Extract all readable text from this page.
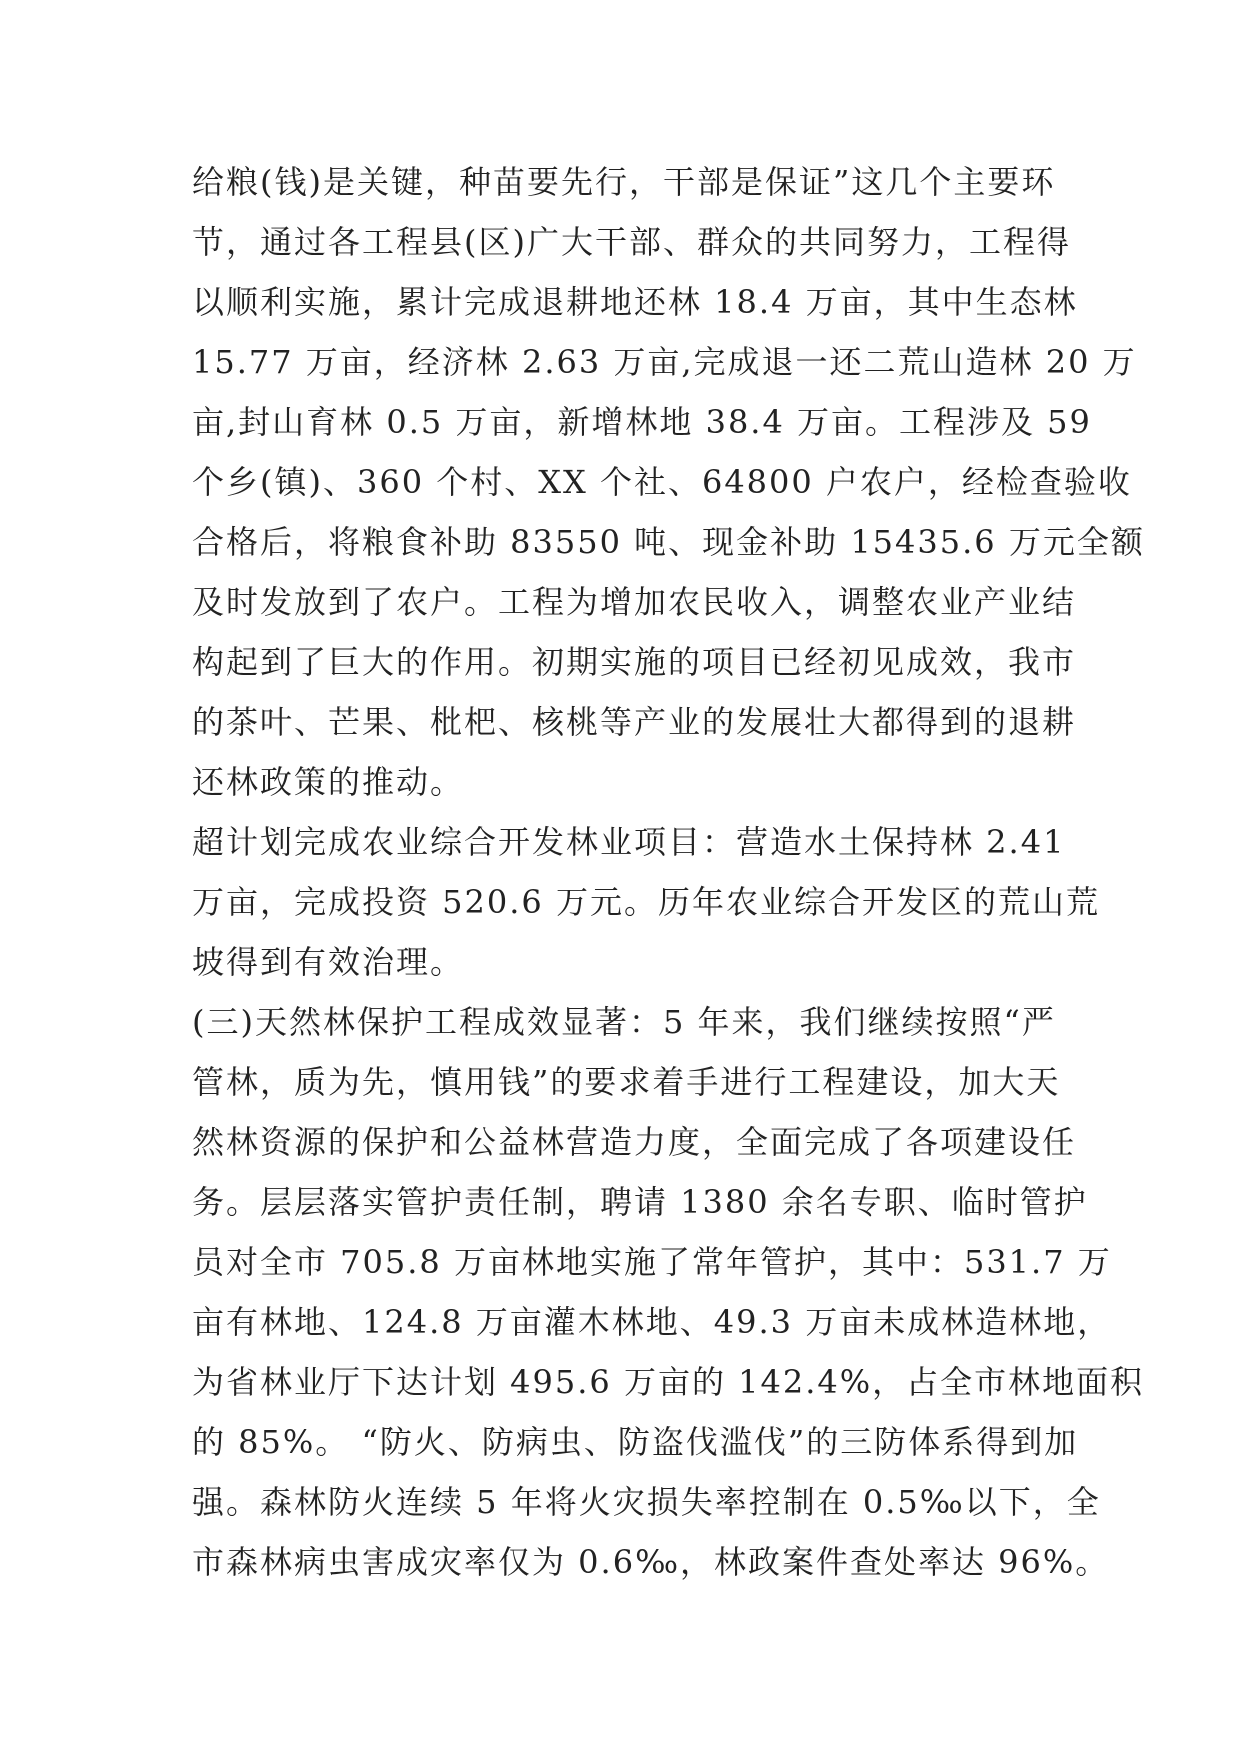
给粮(钱)是关键，种苗要先行，干部是保证”这几个主要环
节，通过各工程县(区)广大干部、群众的共同努力，工程得
以顺利实施，累计完成退耕地还林 18.4 万亩，其中生态林
15.77 万亩，经济林 2.63 万亩,完成退一还二荒山造林 20 万
亩,封山育林 0.5 万亩，新增林地 38.4 万亩。工程涉及 59
个乡(镇)、360 个村、XX 个社、64800 户农户，经检查验收
合格后，将粮食补助 83550 吨、现金补助 15435.6 万元全额
及时发放到了农户。工程为增加农民收入，调整农业产业结
构起到了巨大的作用。初期实施的项目已经初见成效，我市
的茶叶、芒果、枇杷、核桃等产业的发展壮大都得到的退耕
还林政策的推动。
超计划完成农业综合开发林业项目：营造水土保持林 2.41
万亩，完成投资 520.6 万元。历年农业综合开发区的荒山荒
坡得到有效治理。
(三)天然林保护工程成效显著：5 年来，我们继续按照“严
管林，质为先，慎用钱”的要求着手进行工程建设，加大天
然林资源的保护和公益林营造力度，全面完成了各项建设任
务。层层落实管护责任制，聘请 1380 余名专职、临时管护
员对全市 705.8 万亩林地实施了常年管护，其中：531.7 万
亩有林地、124.8 万亩灌木林地、49.3 万亩未成林造林地，
为省林业厅下达计划 495.6 万亩的 142.4%，占全市林地面积
的 85%。 “防火、防病虫、防盗伐滥伐”的三防体系得到加
强。森林防火连续 5 年将火灾损失率控制在 0.5‰以下，全
市森林病虫害成灾率仅为 0.6‰，林政案件查处率达 96%。
